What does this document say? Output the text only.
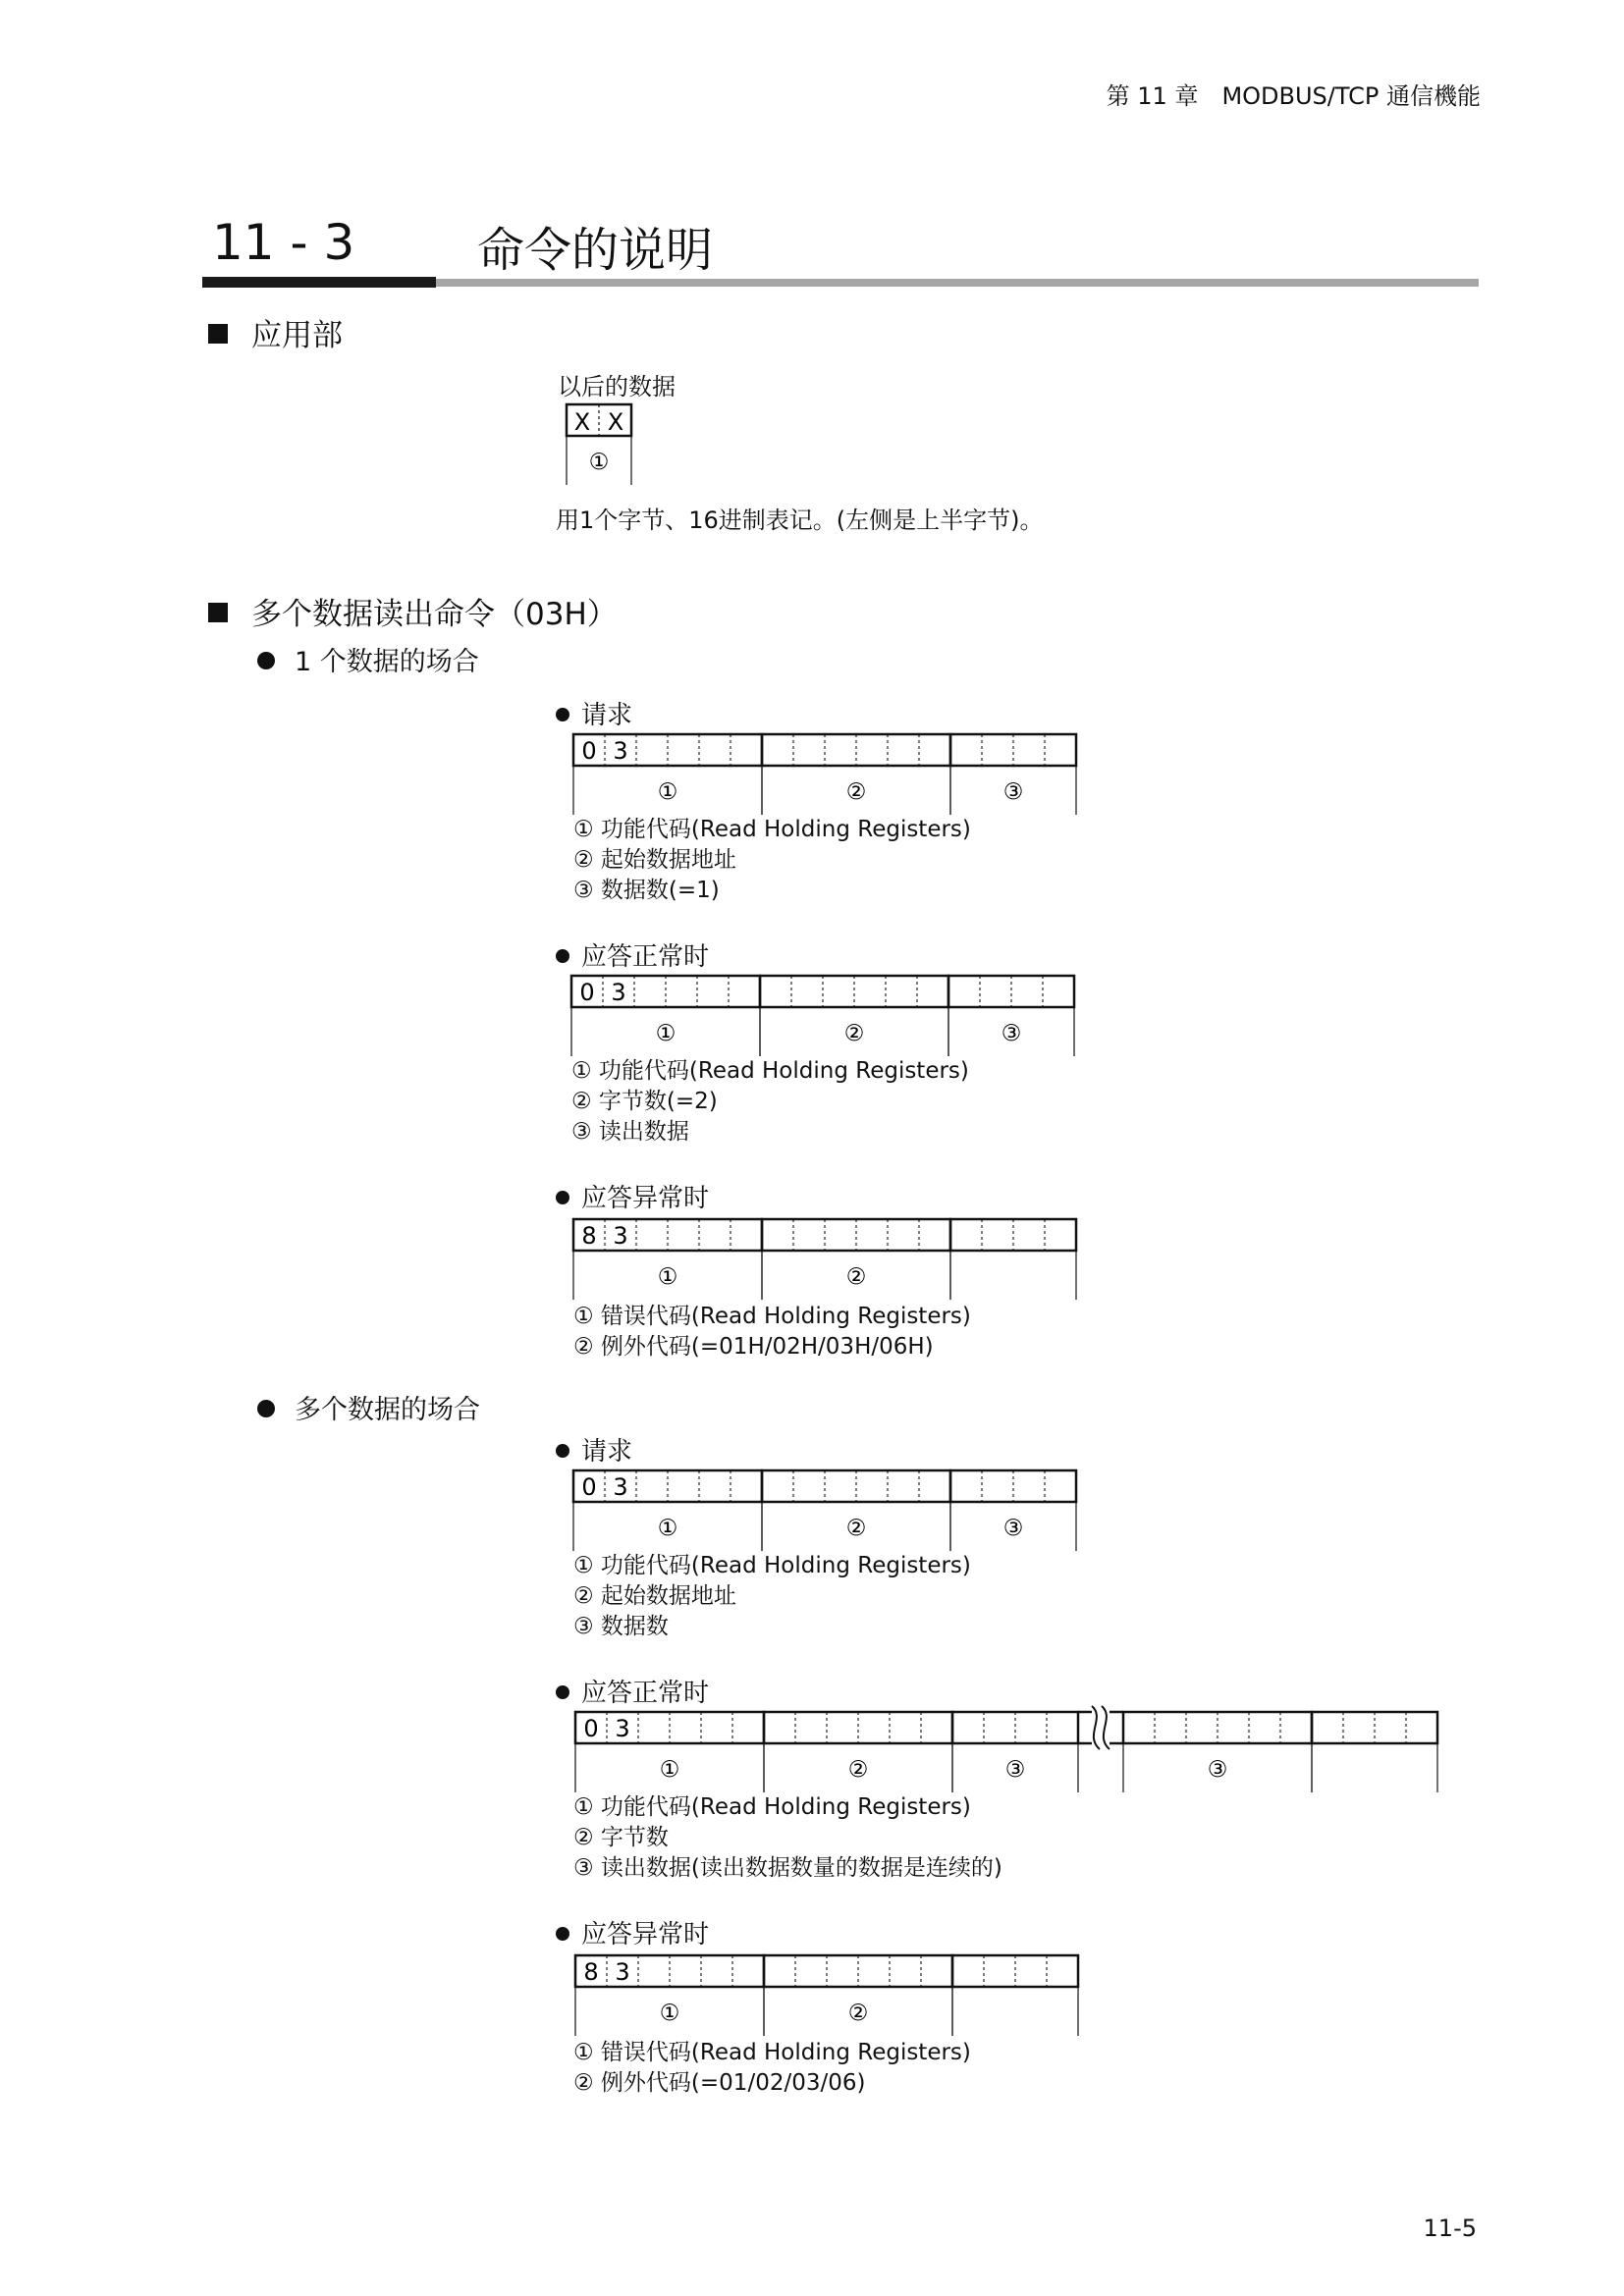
第 11 章　MODBUS/TCP 通信機能
11 - 3	命令的说明
应用部
以后的数据
X X
①
用1个字节、16进制表记。(左侧是上半字节)。
多个数据读出命令（03H）
1 个数据的场合
请求
①	②	③
0 3
① 功能代码(Read Holding Registers)
② 起始数据地址
③ 数据数(=1)
应答正常时
①	②	③
0 3
① 功能代码(Read Holding Registers)
② 字节数(=2)
③ 读出数据
应答异常时
①	②
8 3
① 错误代码(Read Holding Registers)
② 例外代码(=01H/02H/03H/06H)
多个数据的场合
请求
①	②	③
0 3
① 功能代码(Read Holding Registers)
② 起始数据地址
③ 数据数
应答正常时
①	②	③	③
0 3
① 功能代码(Read Holding Registers)
② 字节数
③ 读出数据(读出数据数量的数据是连续的)
应答异常时
①	②
8 3
① 错误代码(Read Holding Registers)
② 例外代码(=01/02/03/06)
11-5
